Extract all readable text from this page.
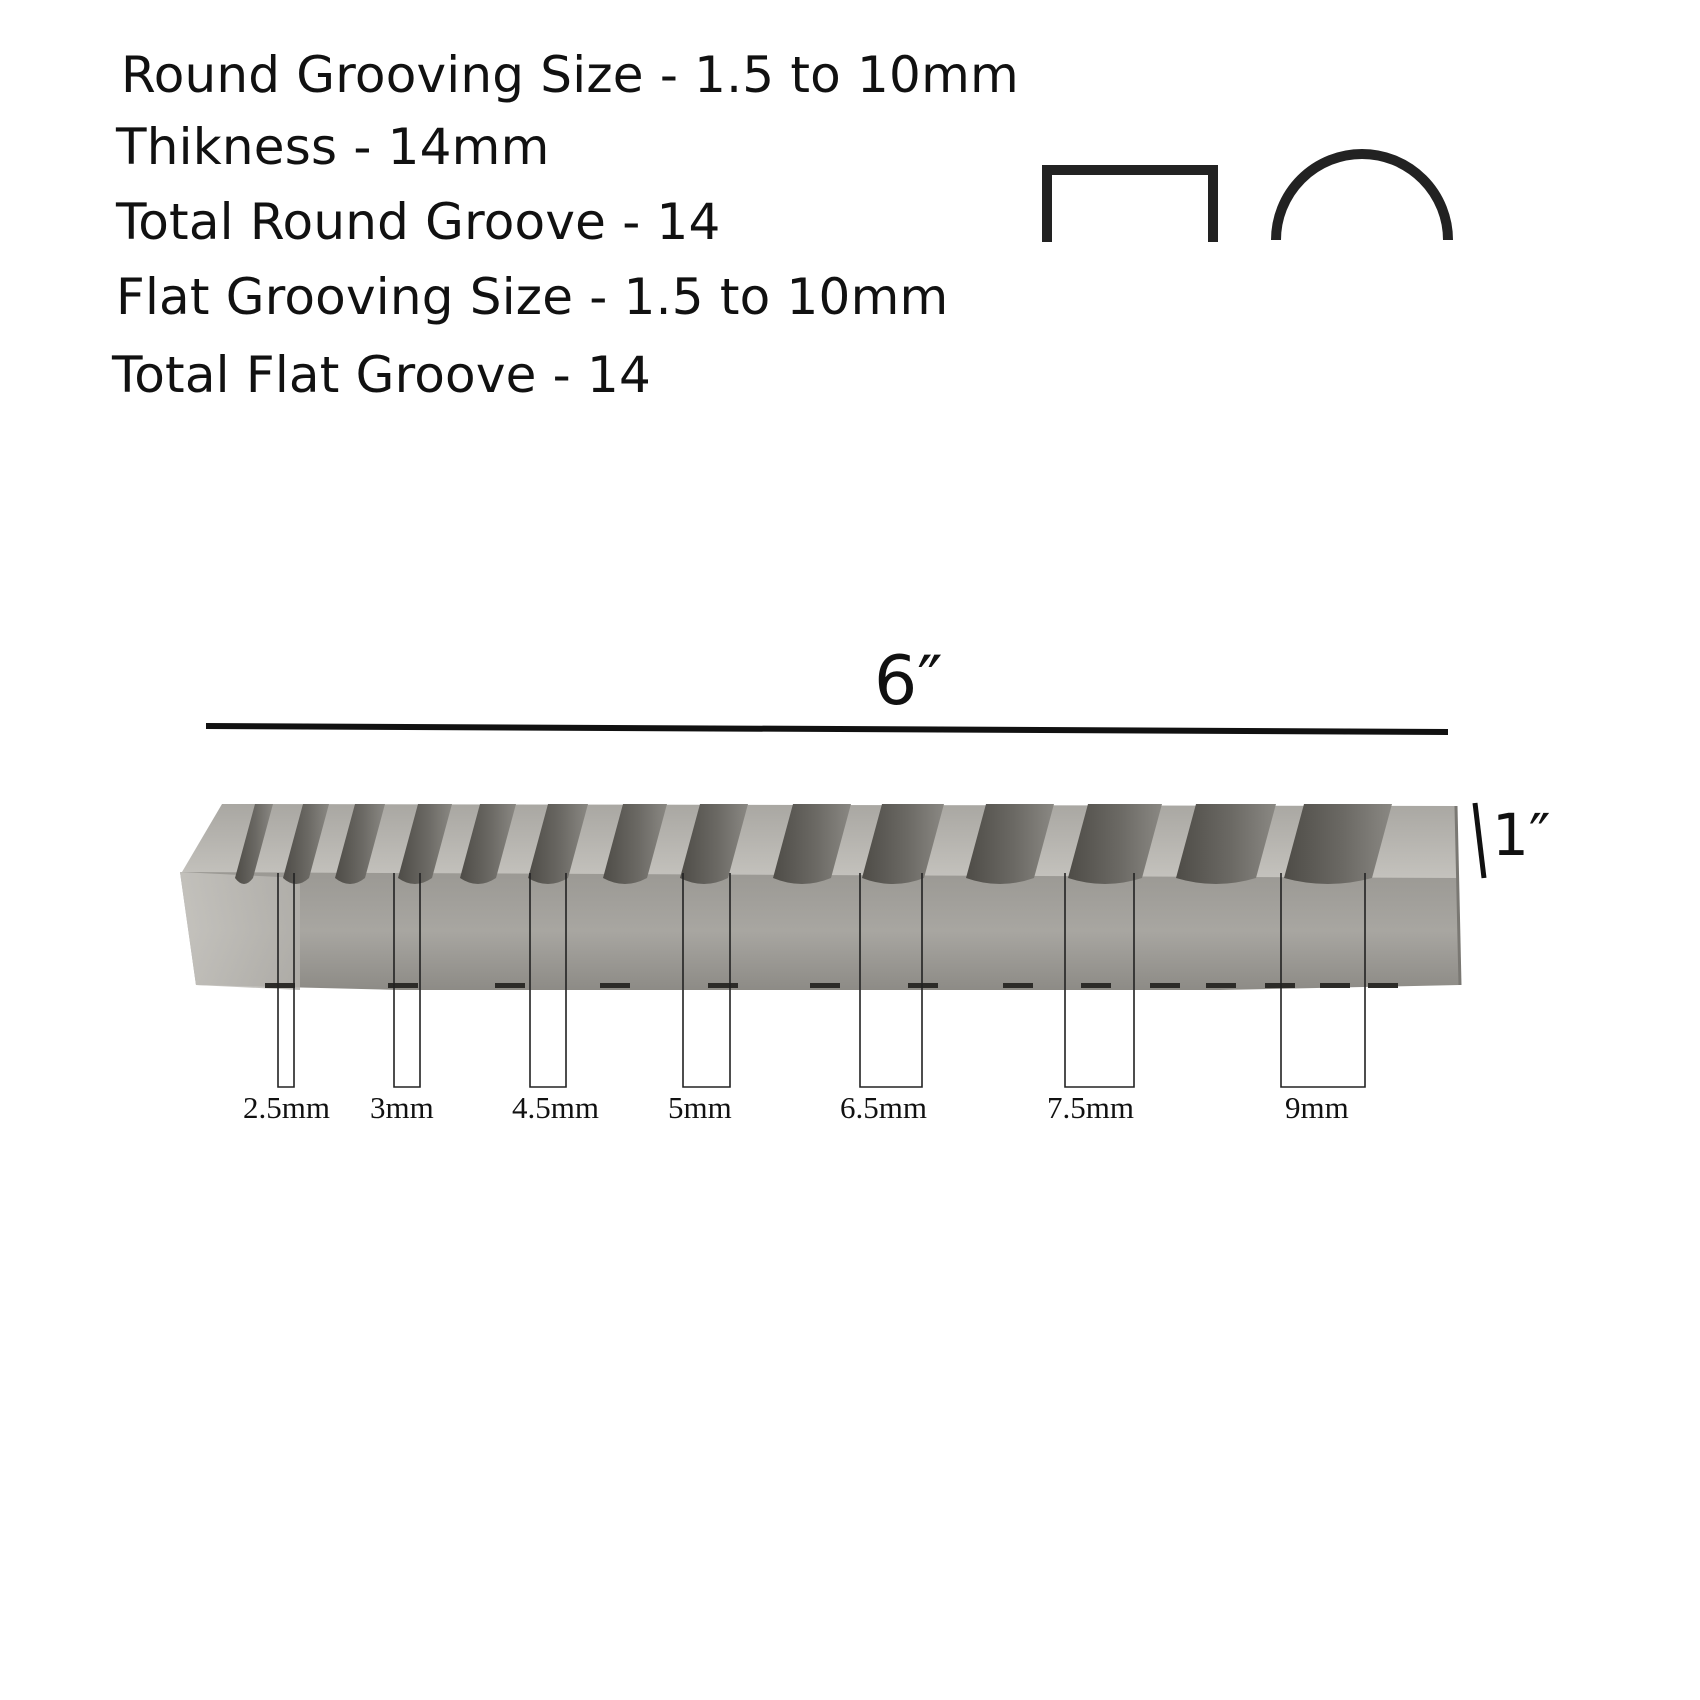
Round Grooving Size - 1.5 to 10mm
Thikness - 14mm
Total Round Groove - 14
Flat Grooving Size - 1.5 to 10mm
Total Flat Groove - 14
6″
1″
2.5mm 3mm	4.5mm 5mm	6.5mm	7.5mm	9mm
